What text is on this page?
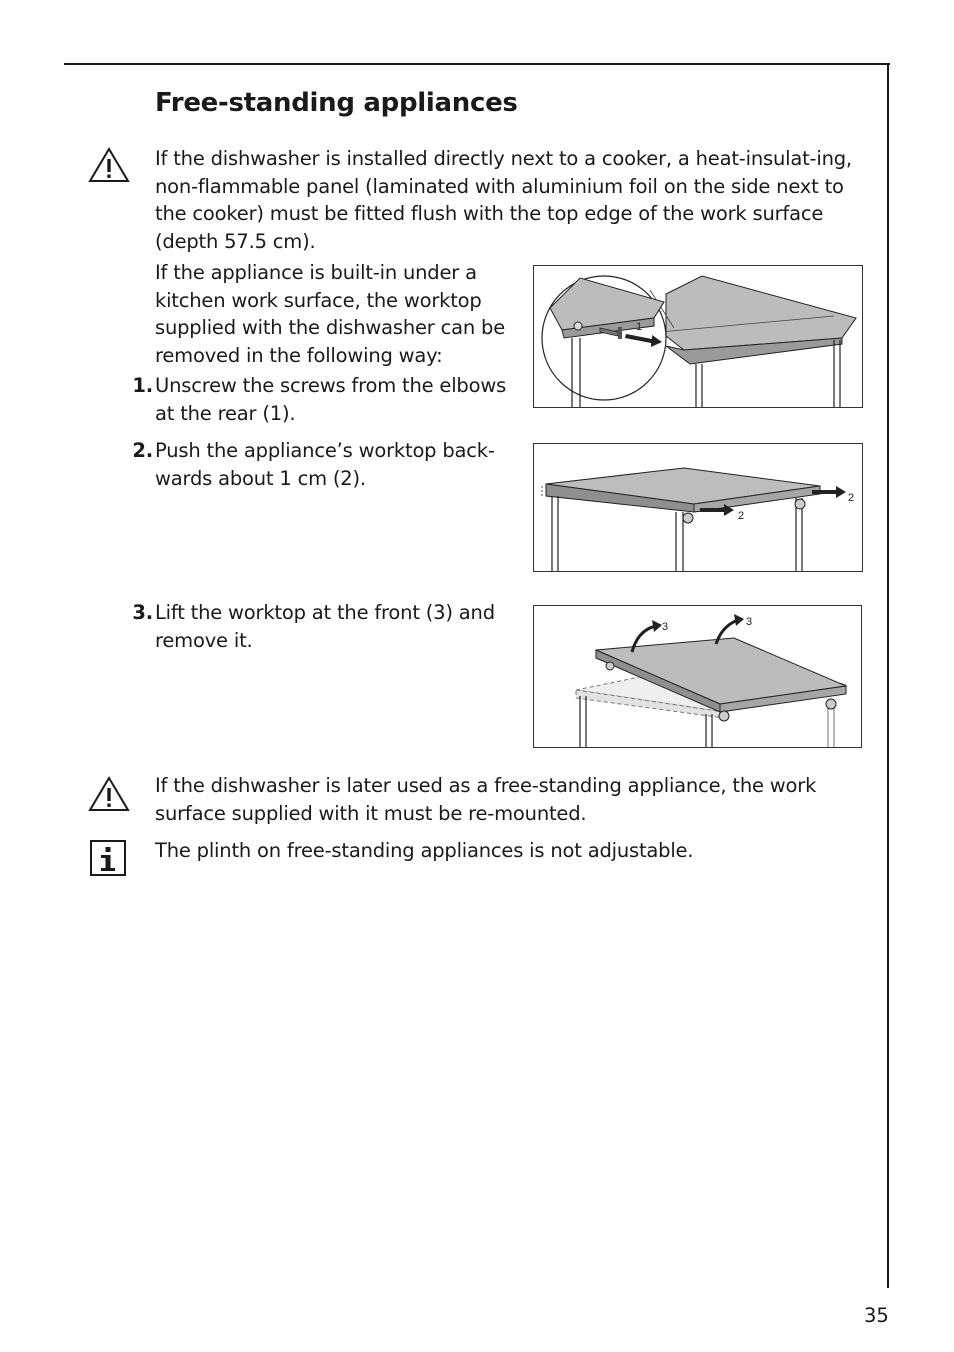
Free-standing appliances

If the dishwasher is installed directly next to a cooker, a heat-insulat-ing, non-flammable panel (laminated with aluminium foil on the side next to the cooker) must be fitted flush with the top edge of the work surface (depth 57.5 cm).

If the appliance is built-in under a kitchen work surface, the worktop supplied with the dishwasher can be removed in the following way:

1. Unscrew the screws from the elbows at the rear (1).
2. Push the appliance’s worktop back-wards about 1 cm (2).
3. Lift the worktop at the front (3) and remove it.
1
2
2
3	3

If the dishwasher is later used as a free-standing appliance, the work surface supplied with it must be re-mounted.

The plinth on free-standing appliances is not adjustable.

35
